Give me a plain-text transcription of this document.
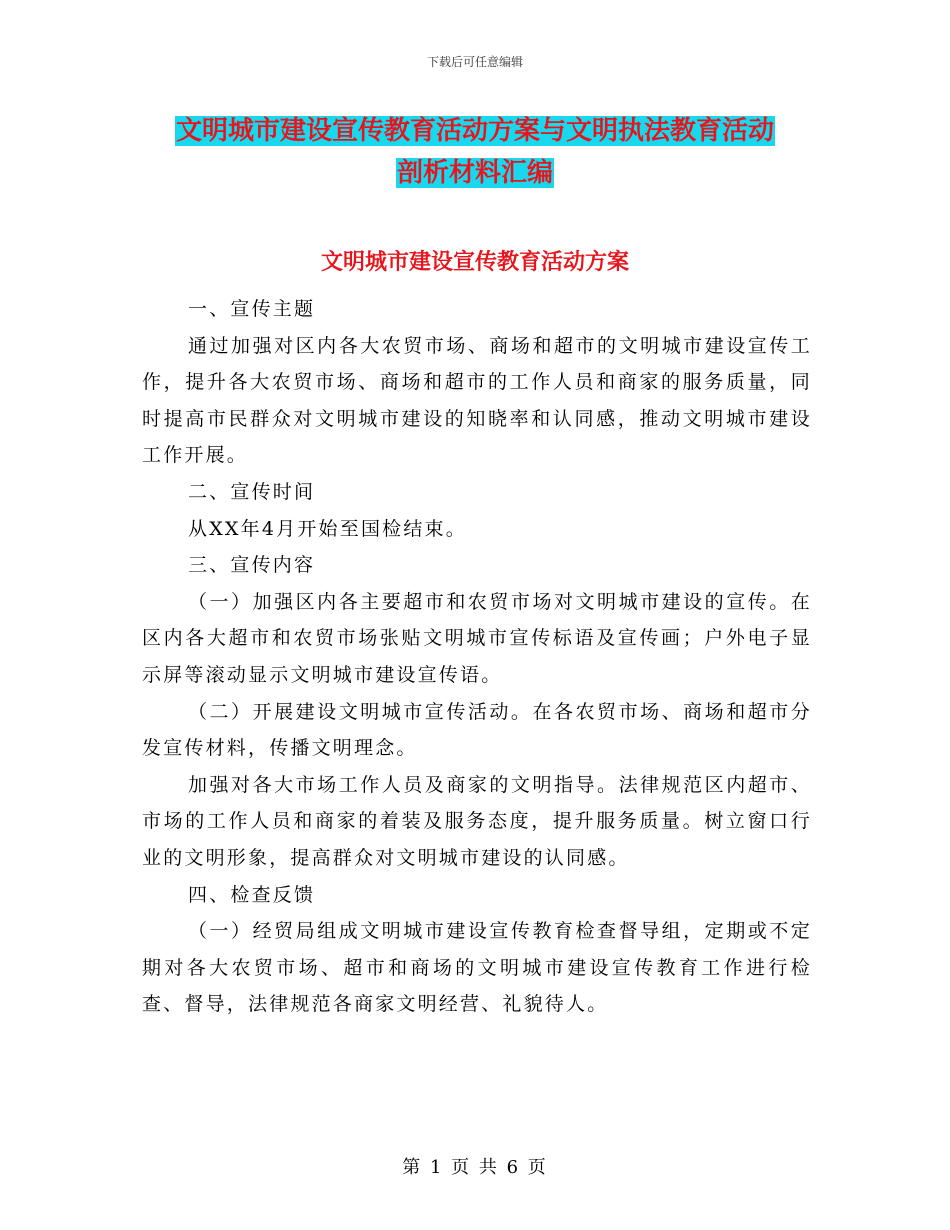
下载后可任意编辑
文明城市建设宣传教育活动方案与文明执法教育活动
剖析材料汇编
文明城市建设宣传教育活动方案

一、宣传主题

通过加强对区内各大农贸市场、商场和超市的文明城市建设宣传工作，提升各大农贸市场、商场和超市的工作人员和商家的服务质量，同时提高市民群众对文明城市建设的知晓率和认同感，推动文明城市建设工作开展。

二、宣传时间

从XX年4月开始至国检结束。

三、宣传内容

（一）加强区内各主要超市和农贸市场对文明城市建设的宣传。在区内各大超市和农贸市场张贴文明城市宣传标语及宣传画；户外电子显示屏等滚动显示文明城市建设宣传语。

（二）开展建设文明城市宣传活动。在各农贸市场、商场和超市分发宣传材料，传播文明理念。

加强对各大市场工作人员及商家的文明指导。法律规范区内超市、市场的工作人员和商家的着装及服务态度，提升服务质量。树立窗口行业的文明形象，提高群众对文明城市建设的认同感。

四、检查反馈

（一）经贸局组成文明城市建设宣传教育检查督导组，定期或不定期对各大农贸市场、超市和商场的文明城市建设宣传教育工作进行检查、督导，法律规范各商家文明经营、礼貌待人。

第 1 页 共 6 页
